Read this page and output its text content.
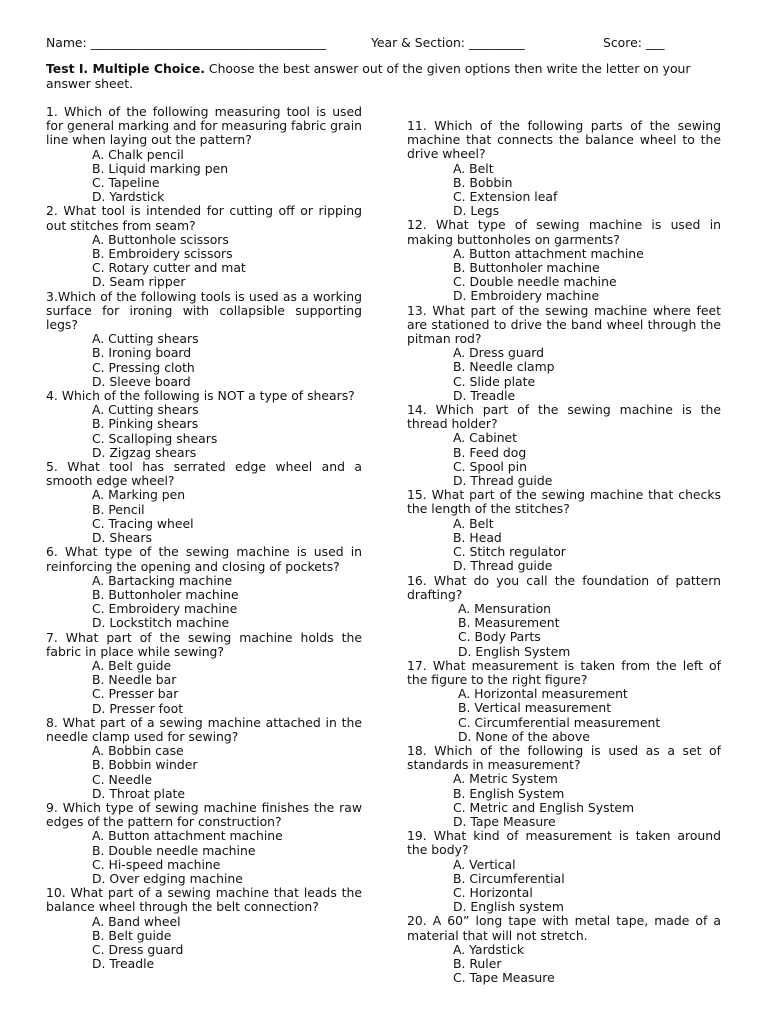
Name: ______________________________________	Year & Section: _________	Score: ___
Test I. Multiple Choice. Choose the best answer out of the given options then write the letter on your answer sheet.
1. Which of the following measuring tool is used for general marking and for measuring fabric grain line when laying out the pattern?
A. Chalk pencil
B. Liquid marking pen
C. Tapeline
D. Yardstick
2. What tool is intended for cutting off or ripping out stitches from seam?
A. Buttonhole scissors
B. Embroidery scissors
C. Rotary cutter and mat
D. Seam ripper
3.Which of the following tools is used as a working surface for ironing with collapsible supporting legs?
A. Cutting shears
B. Ironing board
C. Pressing cloth
D. Sleeve board
4. Which of the following is NOT a type of shears?
A. Cutting shears
B. Pinking shears
C. Scalloping shears
D. Zigzag shears
5. What tool has serrated edge wheel and a smooth edge wheel?
A. Marking pen
B. Pencil
C. Tracing wheel
D. Shears
6. What type of the sewing machine is used in reinforcing the opening and closing of pockets?
A. Bartacking machine
B. Buttonholer machine
C. Embroidery machine
D. Lockstitch machine
7. What part of the sewing machine holds the fabric in place while sewing?
A. Belt guide
B. Needle bar
C. Presser bar
D. Presser foot
8. What part of a sewing machine attached in the needle clamp used for sewing?
A. Bobbin case
B. Bobbin winder
C. Needle
D. Throat plate
9. Which type of sewing machine finishes the raw edges of the pattern for construction?
A. Button attachment machine
B. Double needle machine
C. Hi-speed machine
D. Over edging machine
10. What part of a sewing machine that leads the balance wheel through the belt connection?
A. Band wheel
B. Belt guide
C. Dress guard
D. Treadle
11. Which of the following parts of the sewing machine that connects the balance wheel to the drive wheel?
A. Belt
B. Bobbin
C. Extension leaf
D. Legs
12. What type of sewing machine is used in making buttonholes on garments?
A. Button attachment machine
B. Buttonholer machine
C. Double needle machine
D. Embroidery machine
13. What part of the sewing machine where feet are stationed to drive the band wheel through the pitman rod?
A. Dress guard
B. Needle clamp
C. Slide plate
D. Treadle
14. Which part of the sewing machine is the thread holder?
A. Cabinet
B. Feed dog
C. Spool pin
D. Thread guide
15. What part of the sewing machine that checks the length of the stitches?
A. Belt
B. Head
C. Stitch regulator
D. Thread guide
16. What do you call the foundation of pattern drafting?
A. Mensuration
B. Measurement
C. Body Parts
D. English System
17. What measurement is taken from the left of the figure to the right figure?
A. Horizontal measurement
B. Vertical measurement
C. Circumferential measurement
D. None of the above
18. Which of the following is used as a set of standards in measurement?
A. Metric System
B. English System
C. Metric and English System
D. Tape Measure
19. What kind of measurement is taken around the body?
A. Vertical
B. Circumferential
C. Horizontal
D. English system
20. A 60” long tape with metal tape, made of a material that will not stretch.
A. Yardstick
B. Ruler
C. Tape Measure
